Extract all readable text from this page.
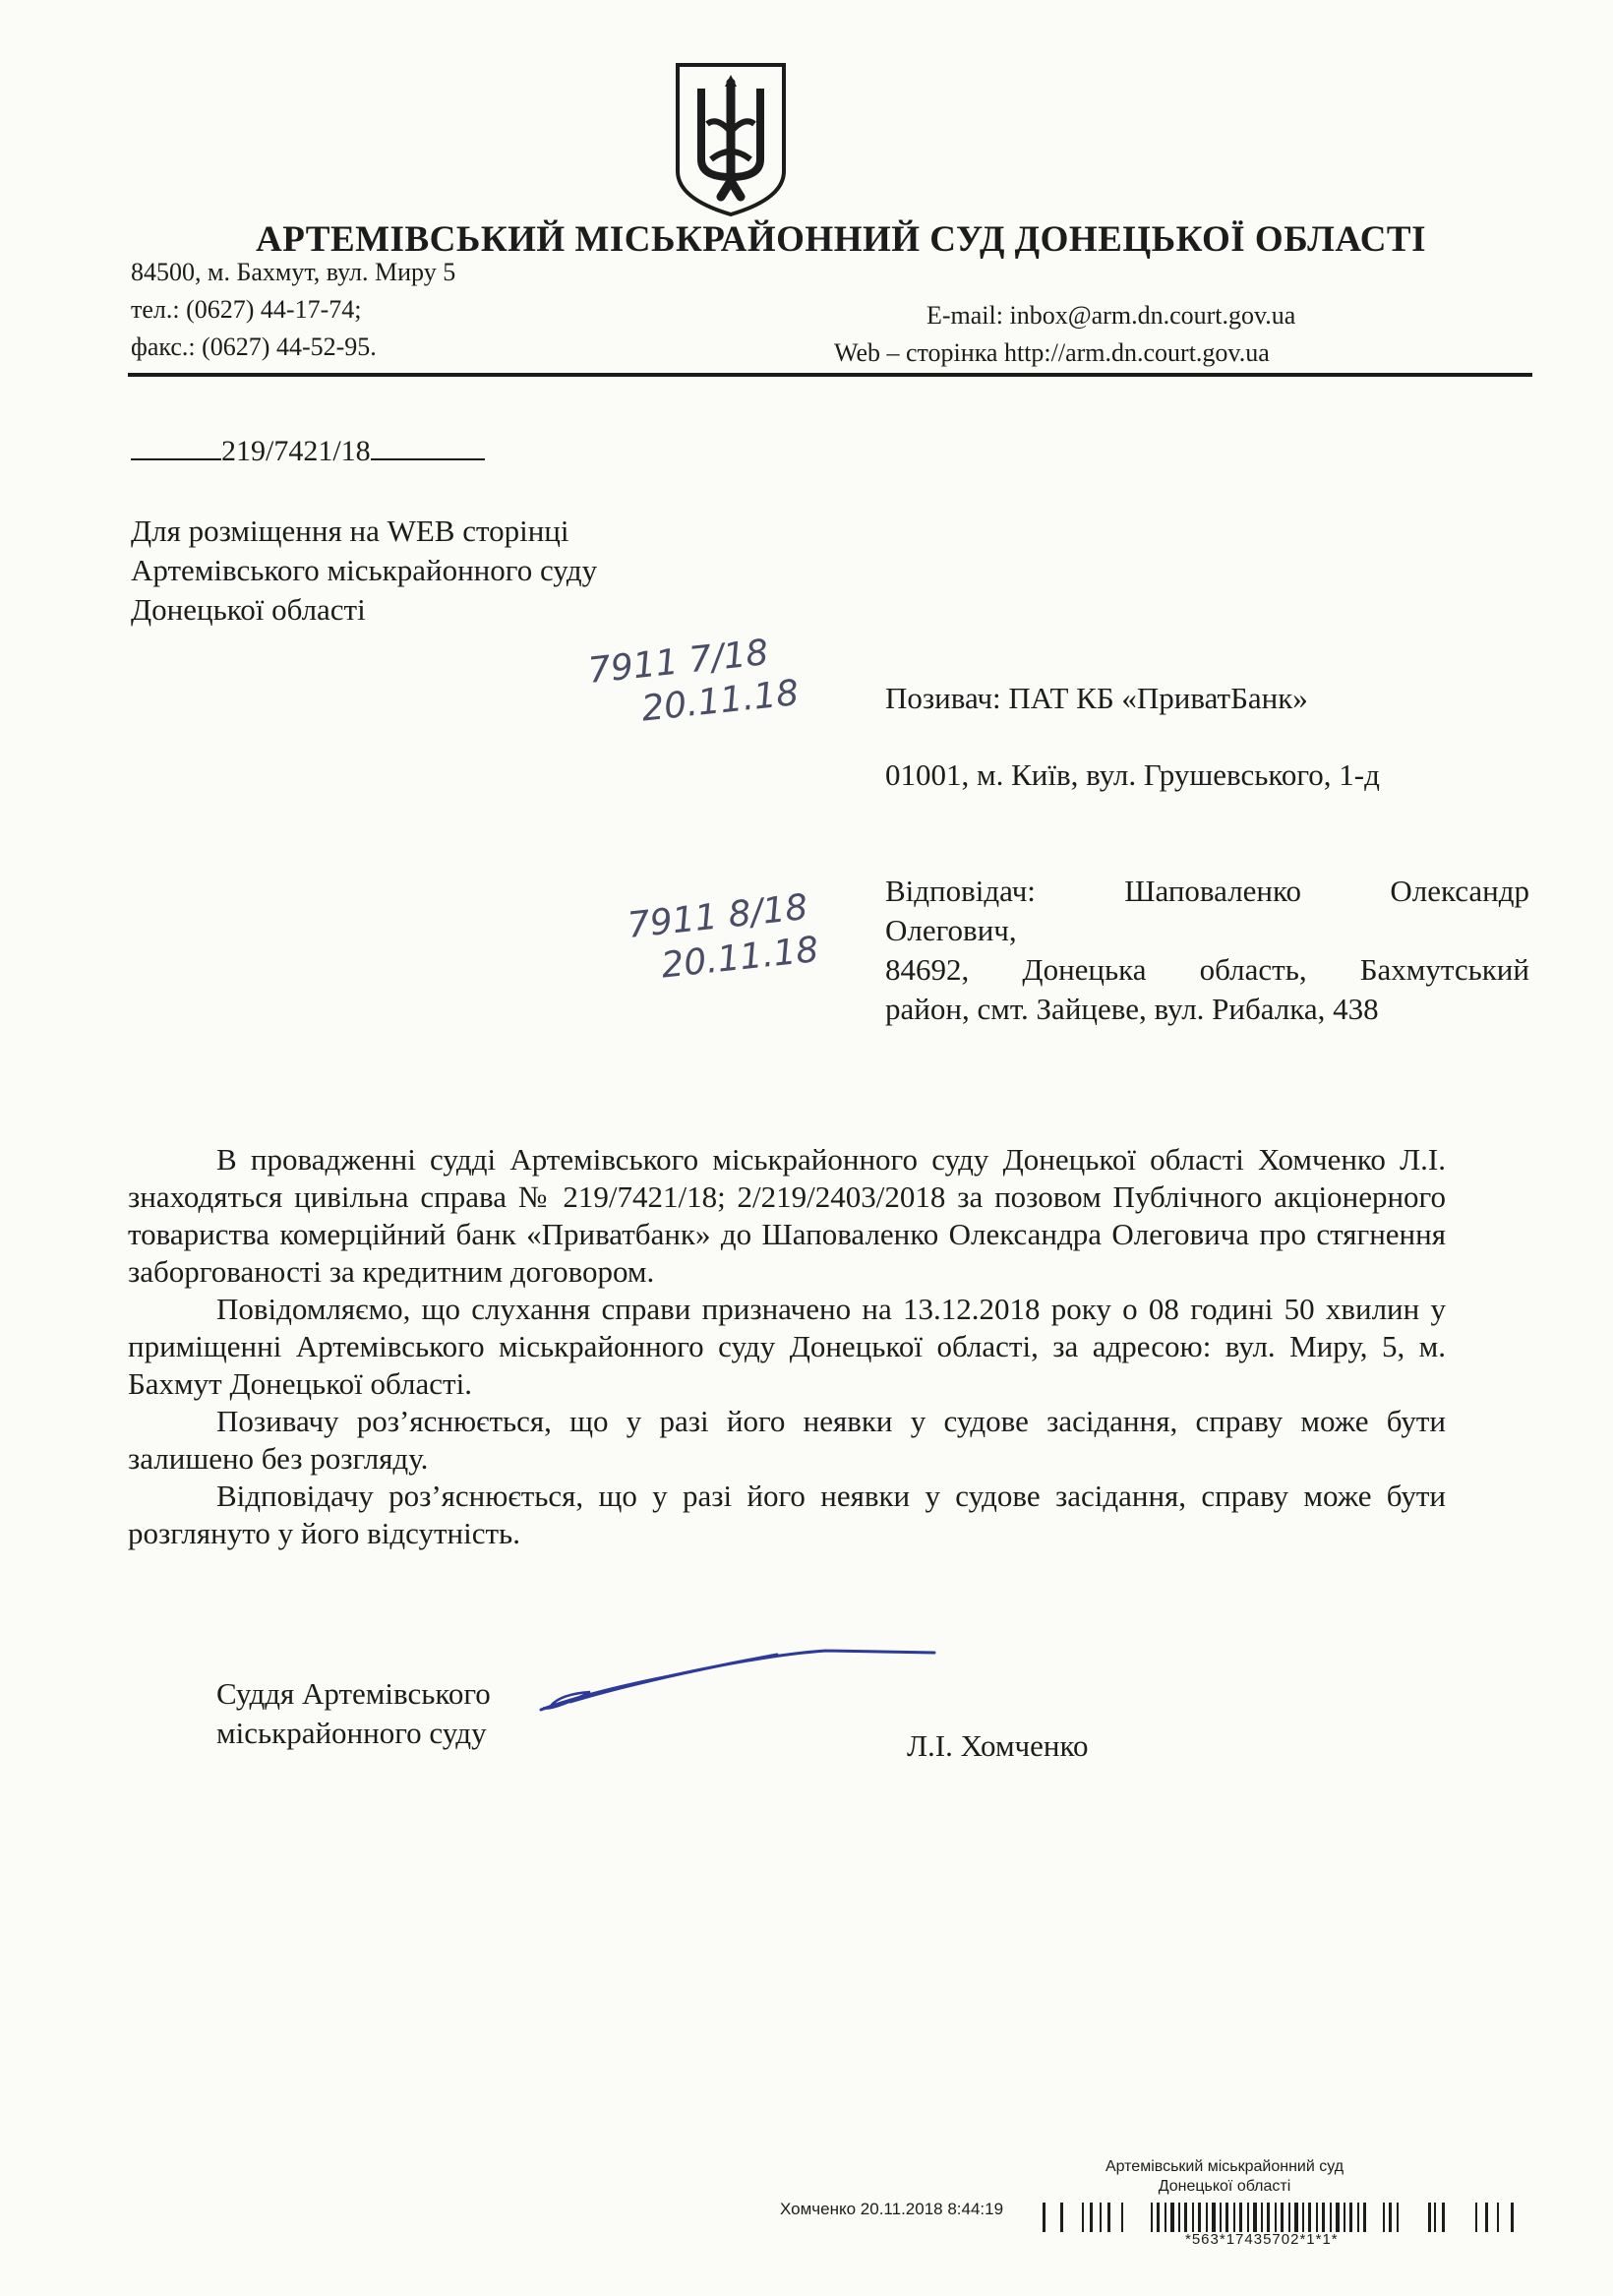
АРТЕМІВСЬКИЙ МІСЬКРАЙОННИЙ СУД ДОНЕЦЬКОЇ ОБЛАСТІ
84500, м. Бахмут, вул. Миру 5
тел.: (0627) 44-17-74;
факс.: (0627) 44-52-95.
E-mail: inbox@arm.dn.court.gov.ua
Web – сторінка http://arm.dn.court.gov.ua
219/7421/18
Для розміщення на WEB сторінці
Артемівського міськрайонного суду
Донецької області
7911 7/18
20.11.18
7911 8/18
20.11.18
Позивач: ПАТ КБ «ПриватБанк»
01001, м. Київ, вул. Грушевського, 1-д
Відповідач: Шаповаленко Олександр
Олегович,
84692, Донецька область, Бахмутський
район, смт. Зайцеве, вул. Рибалка, 438

В провадженні судді Артемівського міськрайонного суду Донецької області Хомченко Л.І. знаходяться цивільна справа № 219/7421/18; 2/219/2403/2018 за позовом Публічного акціонерного товариства комерційний банк «Приватбанк» до Шаповаленко Олександра Олеговича про стягнення заборгованості за кредитним договором.

Повідомляємо, що слухання справи призначено на 13.12.2018 року о 08 годині 50 хвилин у приміщенні Артемівського міськрайонного суду Донецької області, за адресою: вул. Миру, 5, м. Бахмут Донецької області.

Позивачу роз’яснюється, що у разі його неявки у судове засідання, справу може бути залишено без розгляду.

Відповідачу роз’яснюється, що у разі його неявки у судове засідання, справу може бути розглянуто у його відсутність.

Суддя Артемівського
міськрайонного суду	Л.І. Хомченко
Артемівський міськрайонний суд
Донецької області
Хомченко 20.11.2018 8:44:19
*563*17435702*1*1*
